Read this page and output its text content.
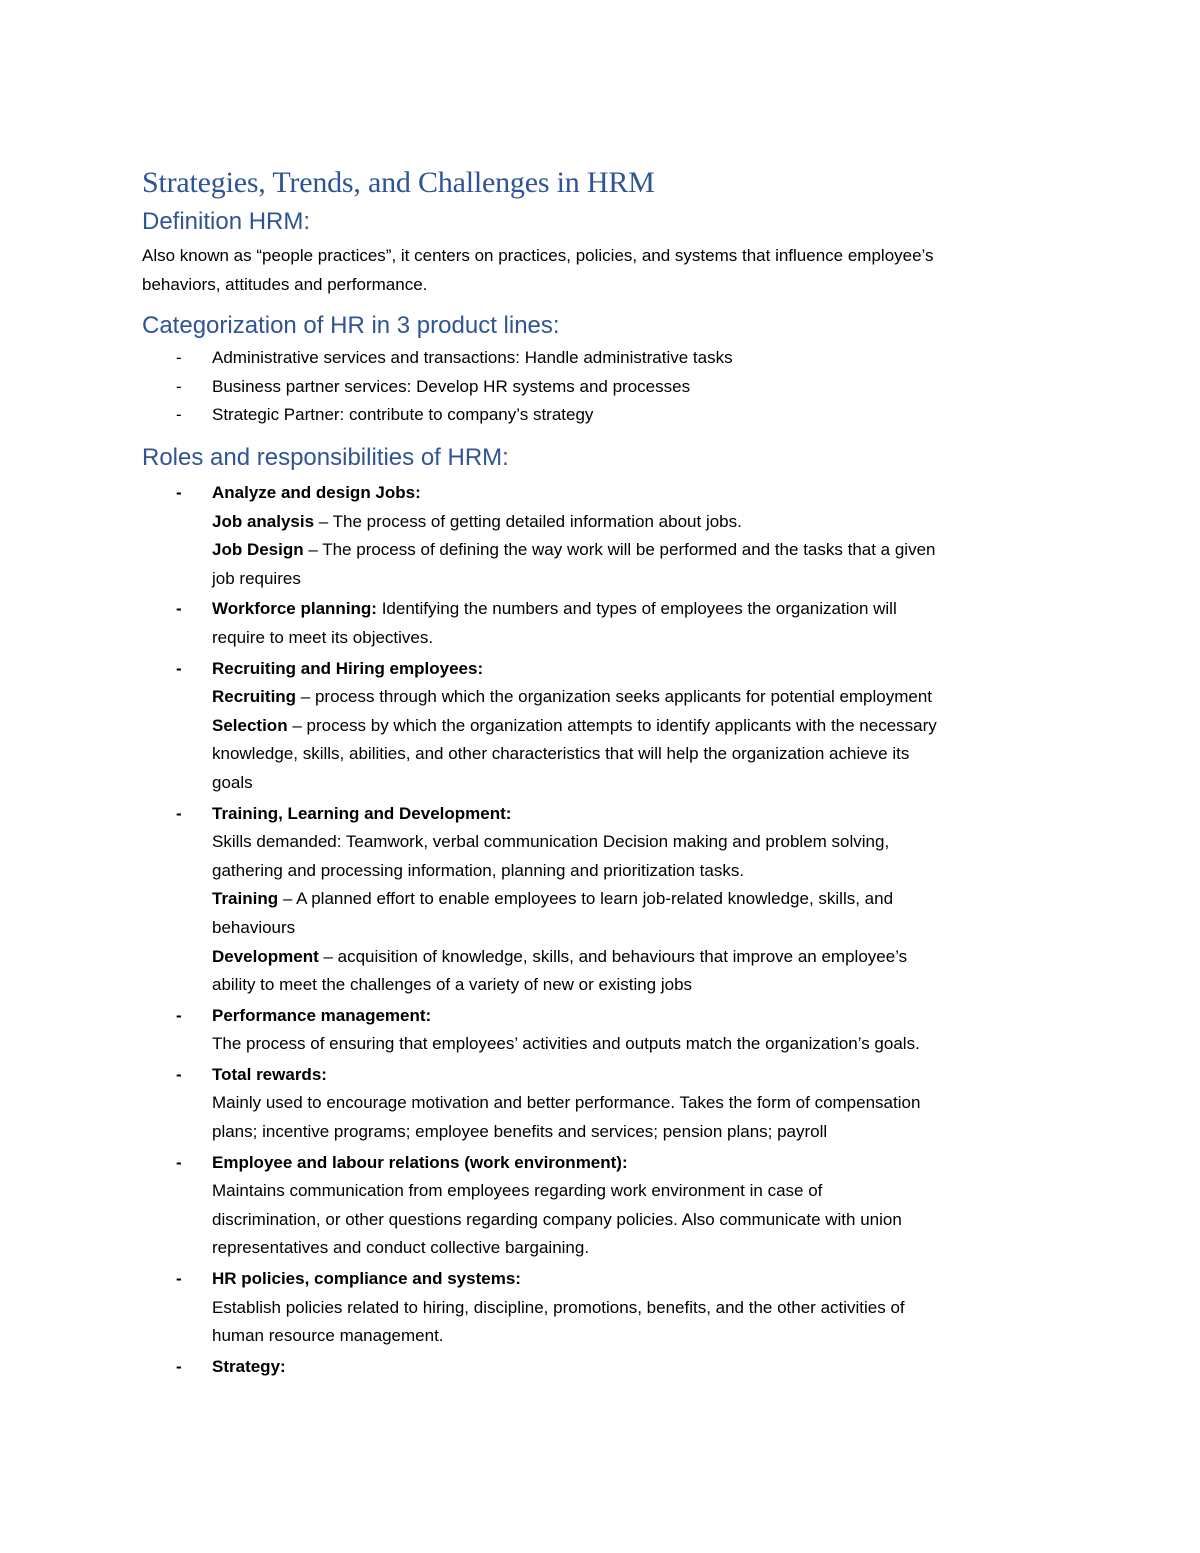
Strategies, Trends, and Challenges in HRM
Definition HRM:
Also known as “people practices”, it centers on practices, policies, and systems that influence employee’s
behaviors, attitudes and performance.
Categorization of HR in 3 product lines:
- Administrative services and transactions: Handle administrative tasks
- Business partner services: Develop HR systems and processes
- Strategic Partner: contribute to company’s strategy
Roles and responsibilities of HRM:
- Analyze and design Jobs:
Job analysis – The process of getting detailed information about jobs.
Job Design – The process of defining the way work will be performed and the tasks that a given
job requires
- Workforce planning: Identifying the numbers and types of employees the organization will
require to meet its objectives.
- Recruiting and Hiring employees:
Recruiting – process through which the organization seeks applicants for potential employment
Selection – process by which the organization attempts to identify applicants with the necessary
knowledge, skills, abilities, and other characteristics that will help the organization achieve its
goals
- Training, Learning and Development:
Skills demanded: Teamwork, verbal communication Decision making and problem solving,
gathering and processing information, planning and prioritization tasks.
Training – A planned effort to enable employees to learn job-related knowledge, skills, and
behaviours
Development – acquisition of knowledge, skills, and behaviours that improve an employee’s
ability to meet the challenges of a variety of new or existing jobs
- Performance management:
The process of ensuring that employees’ activities and outputs match the organization’s goals.
- Total rewards:
Mainly used to encourage motivation and better performance. Takes the form of compensation
plans; incentive programs; employee benefits and services; pension plans; payroll
- Employee and labour relations (work environment):
Maintains communication from employees regarding work environment in case of
discrimination, or other questions regarding company policies. Also communicate with union
representatives and conduct collective bargaining.
- HR policies, compliance and systems:
Establish policies related to hiring, discipline, promotions, benefits, and the other activities of
human resource management.
- Strategy:
